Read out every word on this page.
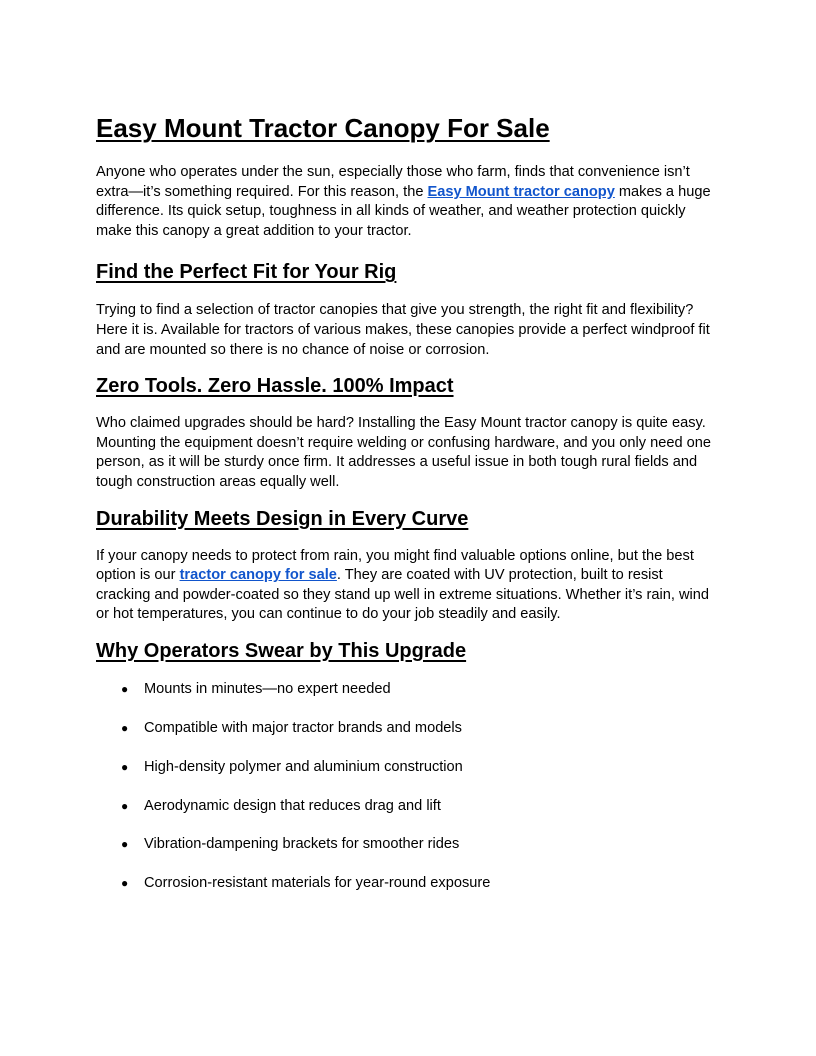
Easy Mount Tractor Canopy For Sale

Anyone who operates under the sun, especially those who farm, finds that convenience isn’t extra—it’s something required. For this reason, the Easy Mount tractor canopy makes a huge difference. Its quick setup, toughness in all kinds of weather, and weather protection quickly make this canopy a great addition to your tractor.

Find the Perfect Fit for Your Rig

Trying to find a selection of tractor canopies that give you strength, the right fit and flexibility? Here it is. Available for tractors of various makes, these canopies provide a perfect windproof fit and are mounted so there is no chance of noise or corrosion.

Zero Tools. Zero Hassle. 100% Impact

Who claimed upgrades should be hard? Installing the Easy Mount tractor canopy is quite easy. Mounting the equipment doesn’t require welding or confusing hardware, and you only need one person, as it will be sturdy once firm. It addresses a useful issue in both tough rural fields and tough construction areas equally well.

Durability Meets Design in Every Curve

If your canopy needs to protect from rain, you might find valuable options online, but the best option is our tractor canopy for sale. They are coated with UV protection, built to resist cracking and powder-coated so they stand up well in extreme situations. Whether it’s rain, wind or hot temperatures, you can continue to do your job steadily and easily.

Why Operators Swear by This Upgrade
● Mounts in minutes—no expert needed
● Compatible with major tractor brands and models
● High-density polymer and aluminium construction
● Aerodynamic design that reduces drag and lift
● Vibration-dampening brackets for smoother rides
● Corrosion-resistant materials for year-round exposure
